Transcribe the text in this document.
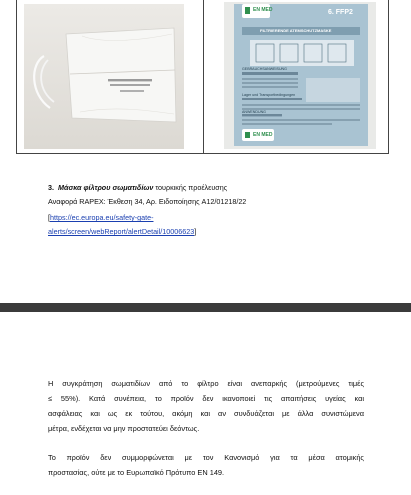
EN MED	6. FFP2
FILTRIERENDE ATEMSCHUTZMASKE
GEBRAUCHSANWEISUNG
Lager und Transportbedingungen
ANWENDUNG
EN MED
3. Μάσκα φίλτρου σωματιδίων τουρκικής προέλευσης
Αναφορά RAPEX: Έκθεση 34, Αρ. Ειδοποίησης A12/01218/22
[https://ec.europa.eu/safety-gate-
alerts/screen/webReport/alertDetail/10006623]
Η συγκράτηση σωματιδίων από το φίλτρο είναι ανεπαρκής (μετρούμενες τιμές
≤ 55%). Κατά συνέπεια, το προϊόν δεν ικανοποιεί τις απαιτήσεις υγείας και
ασφάλειας και ως εκ τούτου, ακόμη και αν συνδυάζεται με άλλα συνιστώμενα
μέτρα, ενδέχεται να μην προστατεύει δεόντως.
Το προϊόν δεν συμμορφώνεται με τον Κανονισμό για τα μέσα ατομικής
προστασίας, ούτε με το Ευρωπαϊκό Πρότυπο ΕΝ 149.
